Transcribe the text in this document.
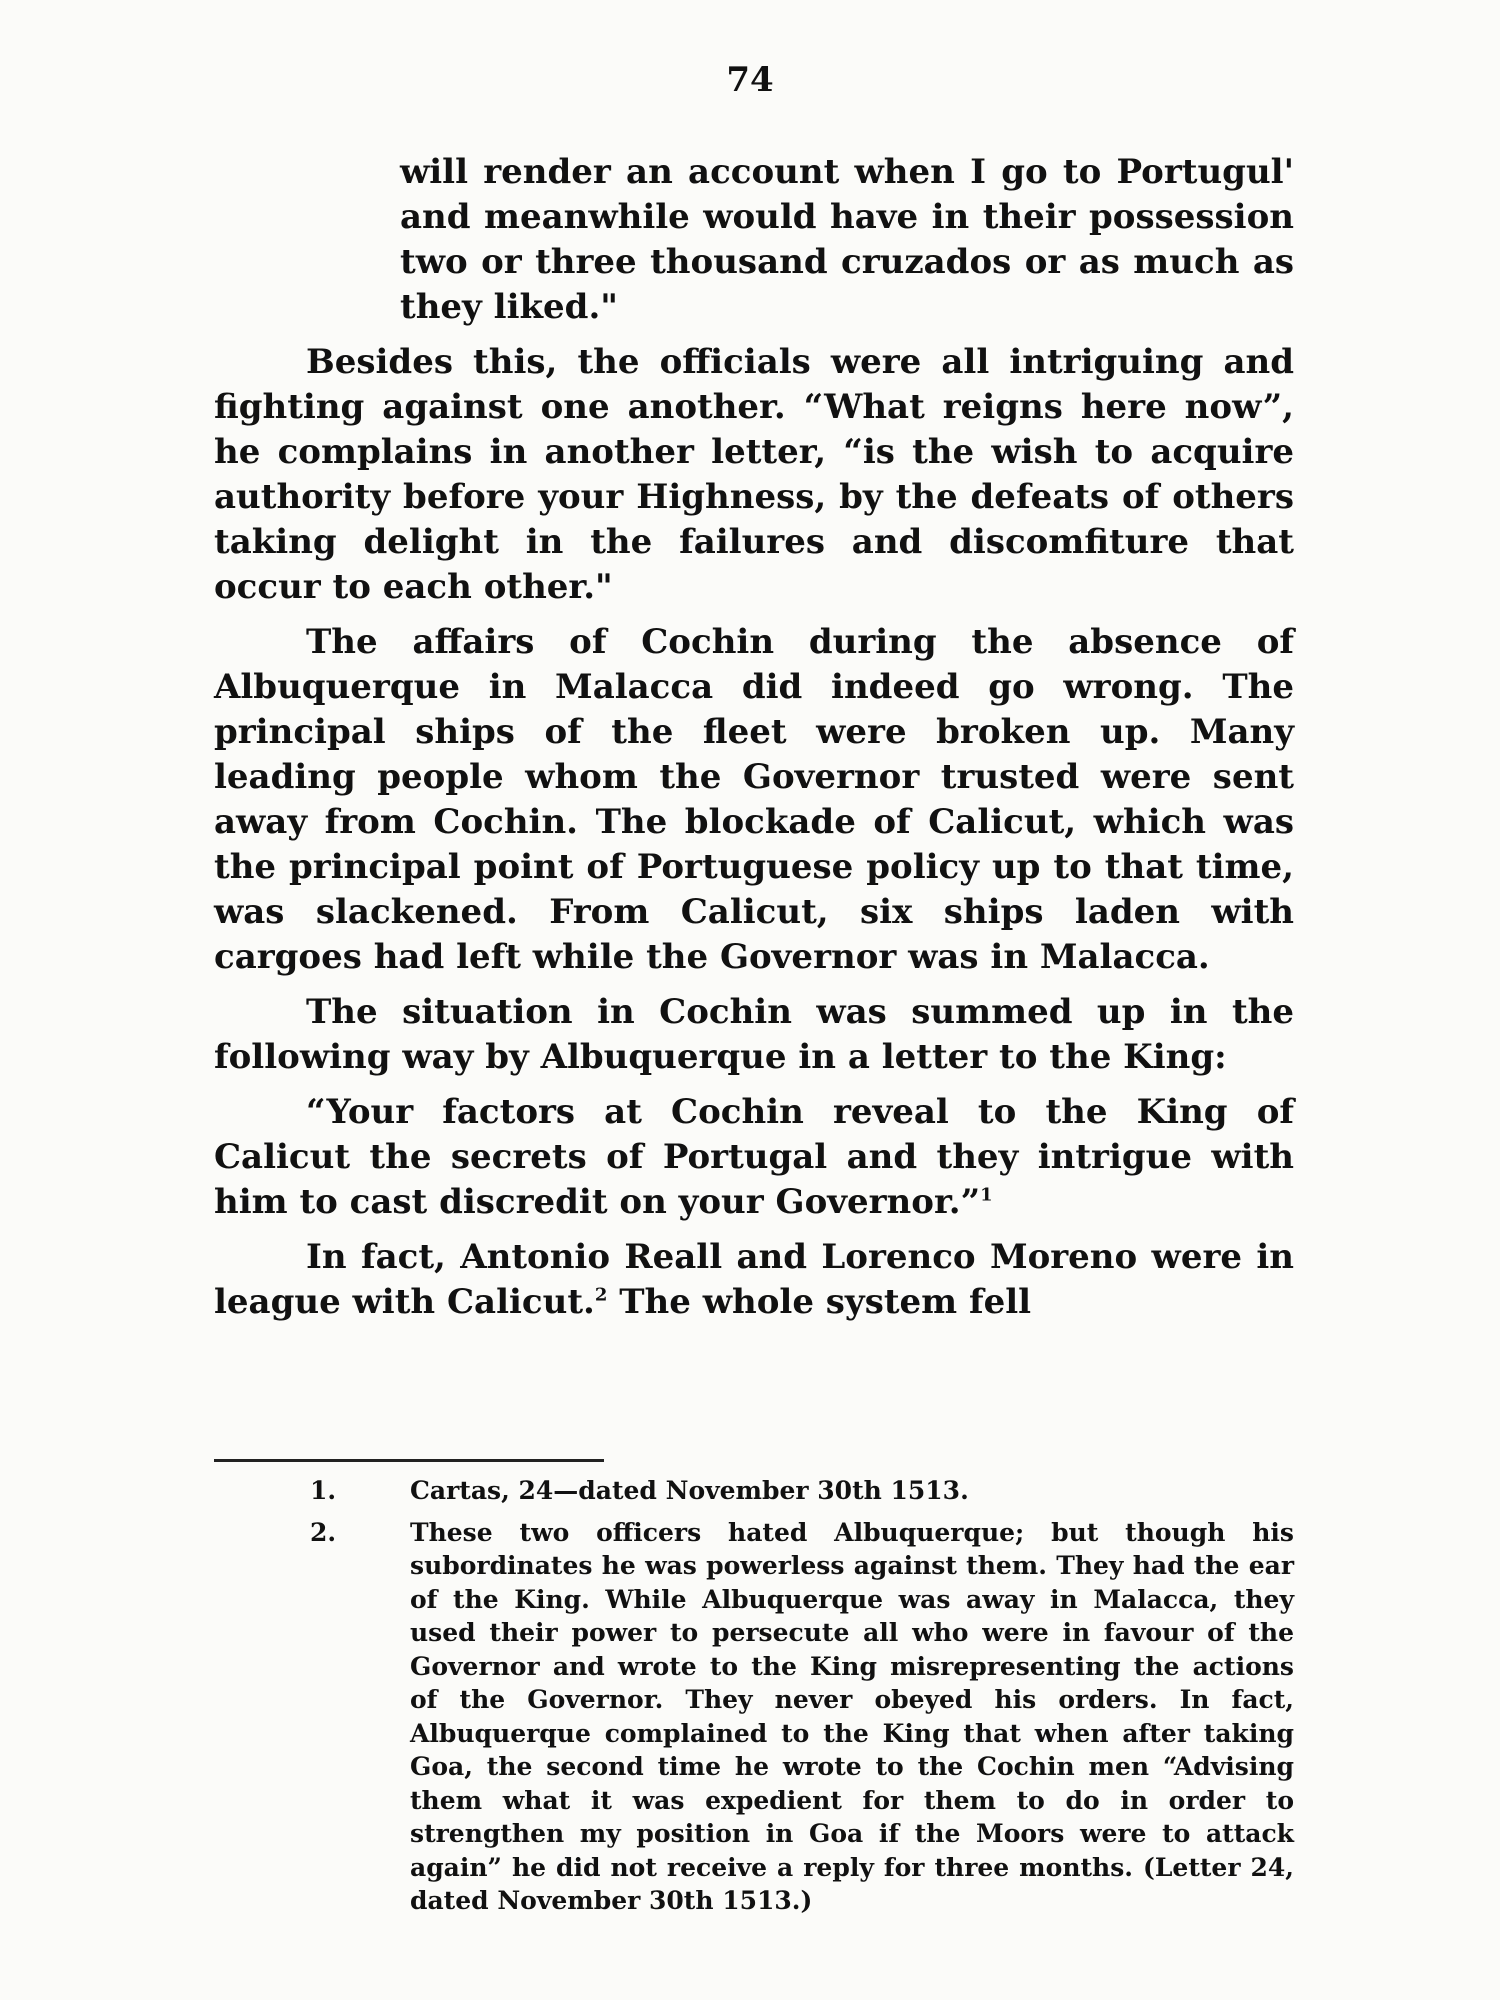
74

will render an account when I go to Portugul' and meanwhile would have in their possession two or three thousand cruzados or as much as they liked."

Besides this, the officials were all intriguing and fighting against one another. “What reigns here now”, he complains in another letter, “is the wish to acquire authority before your Highness, by the defeats of others taking delight in the failures and discomfiture that occur to each other."

The affairs of Cochin during the absence of Albuquerque in Malacca did indeed go wrong. The principal ships of the fleet were broken up. Many leading people whom the Governor trusted were sent away from Cochin. The blockade of Calicut, which was the principal point of Portuguese policy up to that time, was slackened. From Calicut, six ships laden with cargoes had left while the Governor was in Malacca.

The situation in Cochin was summed up in the following way by Albuquerque in a letter to the King:

“Your factors at Cochin reveal to the King of Calicut the secrets of Portugal and they intrigue with him to cast discredit on your Governor.”$^1$

In fact, Antonio Reall and Lorenco Moreno were in league with Calicut.$^2$ The whole system fell

1.	Cartas, 24—dated November 30th 1513.
2.	These two officers hated Albuquerque; but though his subordinates he was powerless against them. They had the ear of the King. While Albuquerque was away in Malacca, they used their power to persecute all who were in favour of the Governor and wrote to the King misrepresenting the actions of the Governor. They never obeyed his orders. In fact, Albuquerque complained to the King that when after taking Goa, the second time he wrote to the Cochin men “Advising them what it was expedient for them to do in order to strengthen my position in Goa if the Moors were to attack again” he did not receive a reply for three months. (Letter 24, dated November 30th 1513.)
